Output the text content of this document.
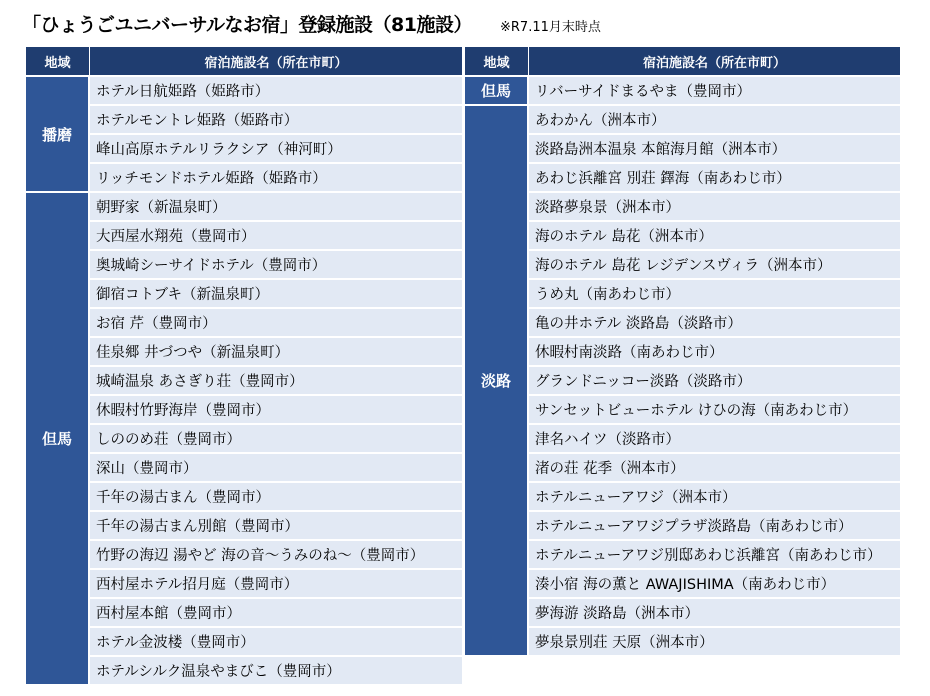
「ひょうごユニバーサルなお宿」登録施設（81施設） ※R7.11月末時点
地域	宿泊施設名（所在市町）
播磨	ホテル日航姫路（姫路市）
	ホテルモントレ姫路（姫路市）
	峰山高原ホテルリラクシア（神河町）
	リッチモンドホテル姫路（姫路市）
但馬	朝野家（新温泉町）
	大西屋水翔苑（豊岡市）
	奥城崎シーサイドホテル（豊岡市）
	御宿コトブキ（新温泉町）
	お宿 芹（豊岡市）
	佳泉郷 井づつや（新温泉町）
	城崎温泉 あさぎり荘（豊岡市）
	休暇村竹野海岸（豊岡市）
	しののめ荘（豊岡市）
	深山（豊岡市）
	千年の湯古まん（豊岡市）
	千年の湯古まん別館（豊岡市）
	竹野の海辺 湯やど 海の音～うみのね～（豊岡市）
	西村屋ホテル招月庭（豊岡市）
	西村屋本館（豊岡市）
	ホテル金波楼（豊岡市）
	ホテルシルク温泉やまびこ（豊岡市）
地域	宿泊施設名（所在市町）
但馬	リバーサイドまるやま（豊岡市）
淡路	あわかん（洲本市）
	淡路島洲本温泉 本館海月館（洲本市）
	あわじ浜離宮 別荘 鐸海（南あわじ市）
	淡路夢泉景（洲本市）
	海のホテル 島花（洲本市）
	海のホテル 島花 レジデンスヴィラ（洲本市）
	うめ丸（南あわじ市）
	亀の井ホテル 淡路島（淡路市）
	休暇村南淡路（南あわじ市）
	グランドニッコー淡路（淡路市）
	サンセットビューホテル けひの海（南あわじ市）
	津名ハイツ（淡路市）
	渚の荘 花季（洲本市）
	ホテルニューアワジ（洲本市）
	ホテルニューアワジプラザ淡路島（南あわじ市）
	ホテルニューアワジ別邸あわじ浜離宮（南あわじ市）
	湊小宿 海の薫と AWAJISHIMA（南あわじ市）
	夢海游 淡路島（洲本市）
	夢泉景別荘 天原（洲本市）
